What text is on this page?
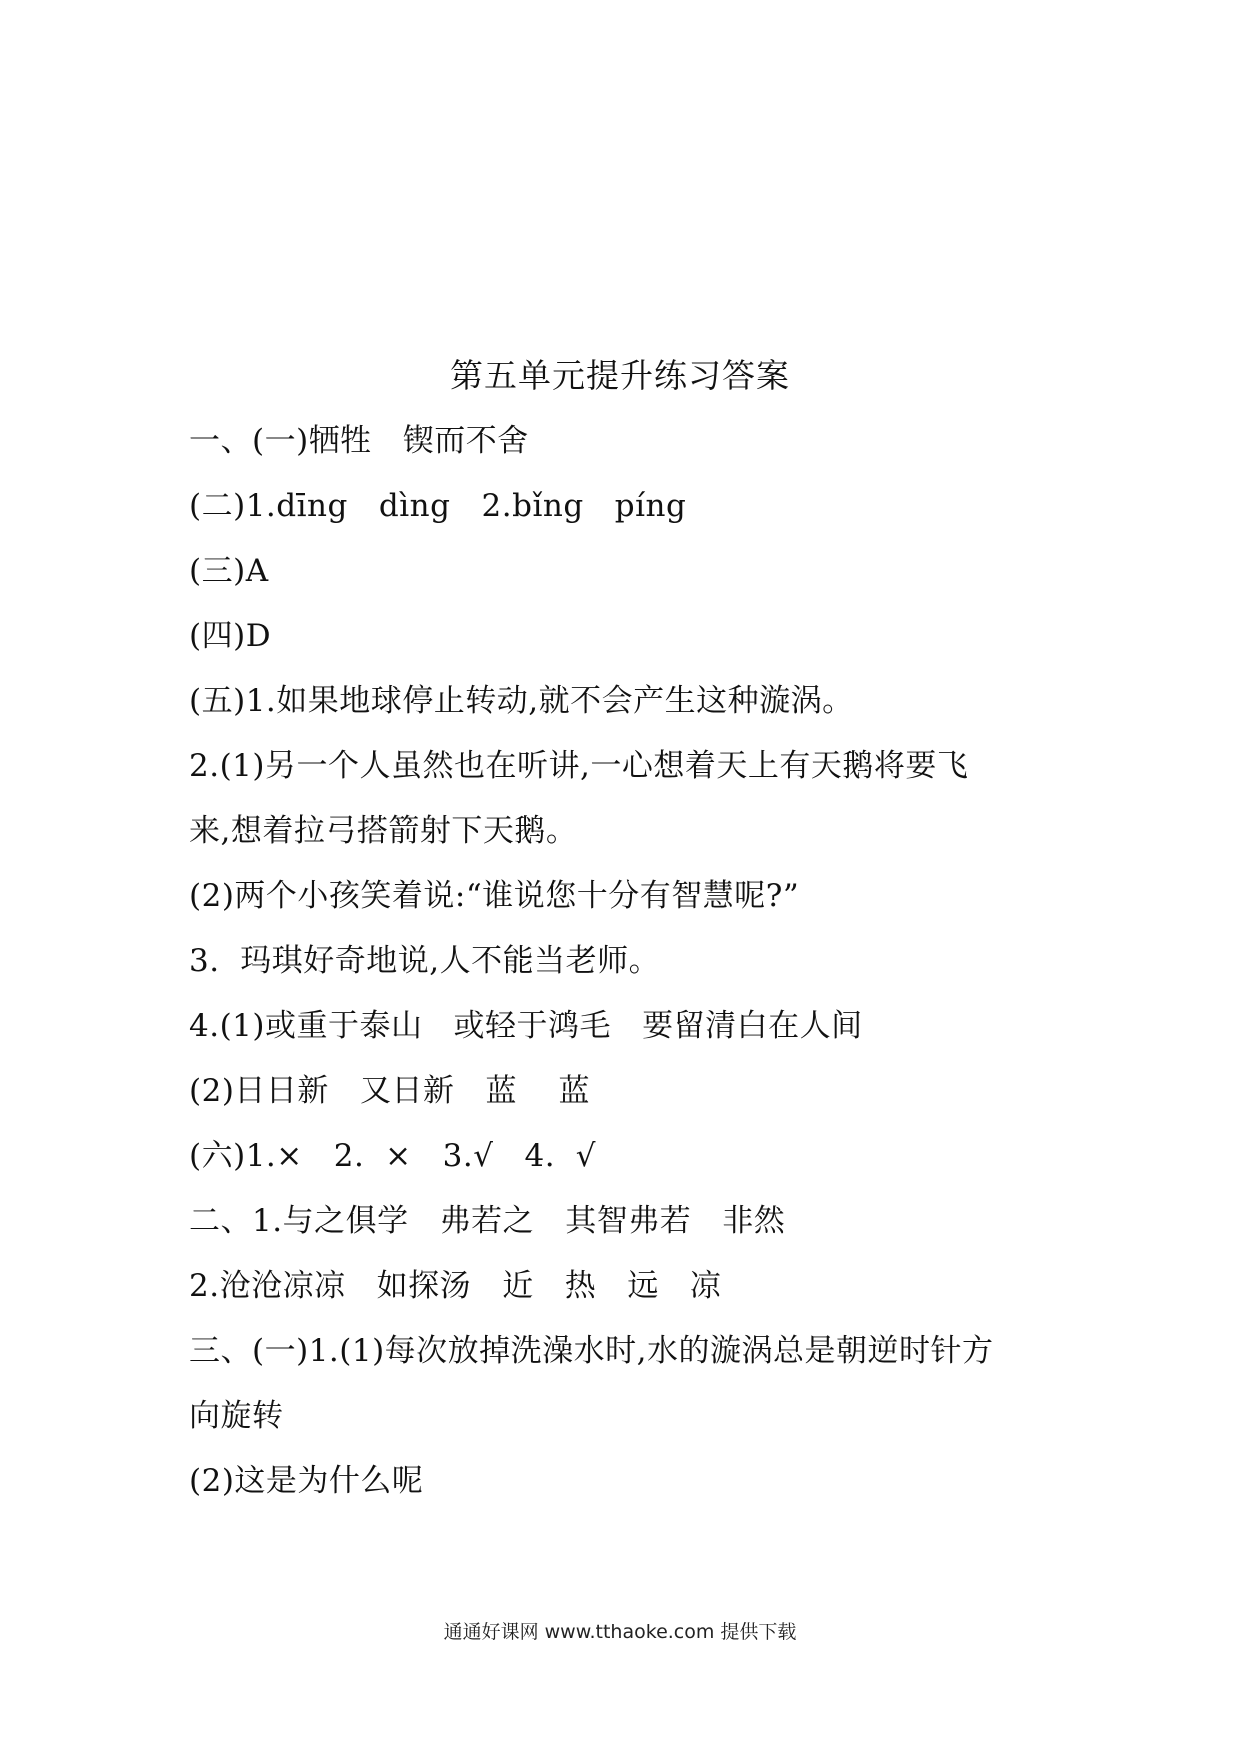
第五单元提升练习答案
一、(一)牺牲   锲而不舍
(二)1.dīng   dìng   2.bǐng   píng
(三)A
(四)D
(五)1.如果地球停止转动,就不会产生这种漩涡。
2.(1)另一个人虽然也在听讲,一心想着天上有天鹅将要飞
来,想着拉弓搭箭射下天鹅。
(2)两个小孩笑着说:“谁说您十分有智慧呢?”
3.  玛琪好奇地说,人不能当老师。
4.(1)或重于泰山   或轻于鸿毛   要留清白在人间
(2)日日新   又日新   蓝    蓝
(六)1.×   2.  ×   3.√   4.  √
二、1.与之俱学   弗若之   其智弗若   非然
2.沧沧凉凉   如探汤   近   热   远   凉
三、(一)1.(1)每次放掉洗澡水时,水的漩涡总是朝逆时针方
向旋转
(2)这是为什么呢
通通好课网 www.tthaoke.com 提供下载
